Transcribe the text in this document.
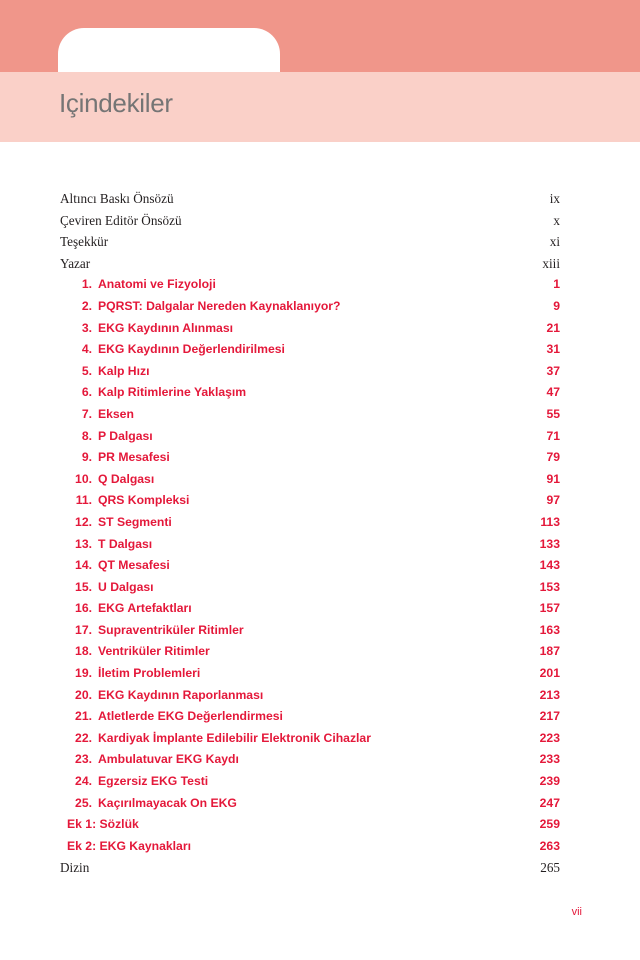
Içindekiler
Altıncı Baskı Önsözü	ix
Çeviren Editör Önsözü	x
Teşekkür	xi
Yazar	xiii
1. Anatomi ve Fizyoloji	1
2. PQRST: Dalgalar Nereden Kaynaklanıyor?	9
3. EKG Kaydının Alınması	21
4. EKG Kaydının Değerlendirilmesi	31
5. Kalp Hızı	37
6. Kalp Ritimlerine Yaklaşım	47
7. Eksen	55
8. P Dalgası	71
9. PR Mesafesi	79
10. Q Dalgası	91
11. QRS Kompleksi	97
12. ST Segmenti	113
13. T Dalgası	133
14. QT Mesafesi	143
15. U Dalgası	153
16. EKG Artefaktları	157
17. Supraventriküler Ritimler	163
18. Ventriküler Ritimler	187
19. İletim Problemleri	201
20. EKG Kaydının Raporlanması	213
21. Atletlerde EKG Değerlendirmesi	217
22. Kardiyak İmplante Edilebilir Elektronik Cihazlar	223
23. Ambulatuvar EKG Kaydı	233
24. Egzersiz EKG Testi	239
25. Kaçırılmayacak On EKG	247
Ek 1: Sözlük	259
Ek 2: EKG Kaynakları	263
Dizin	265
vii
